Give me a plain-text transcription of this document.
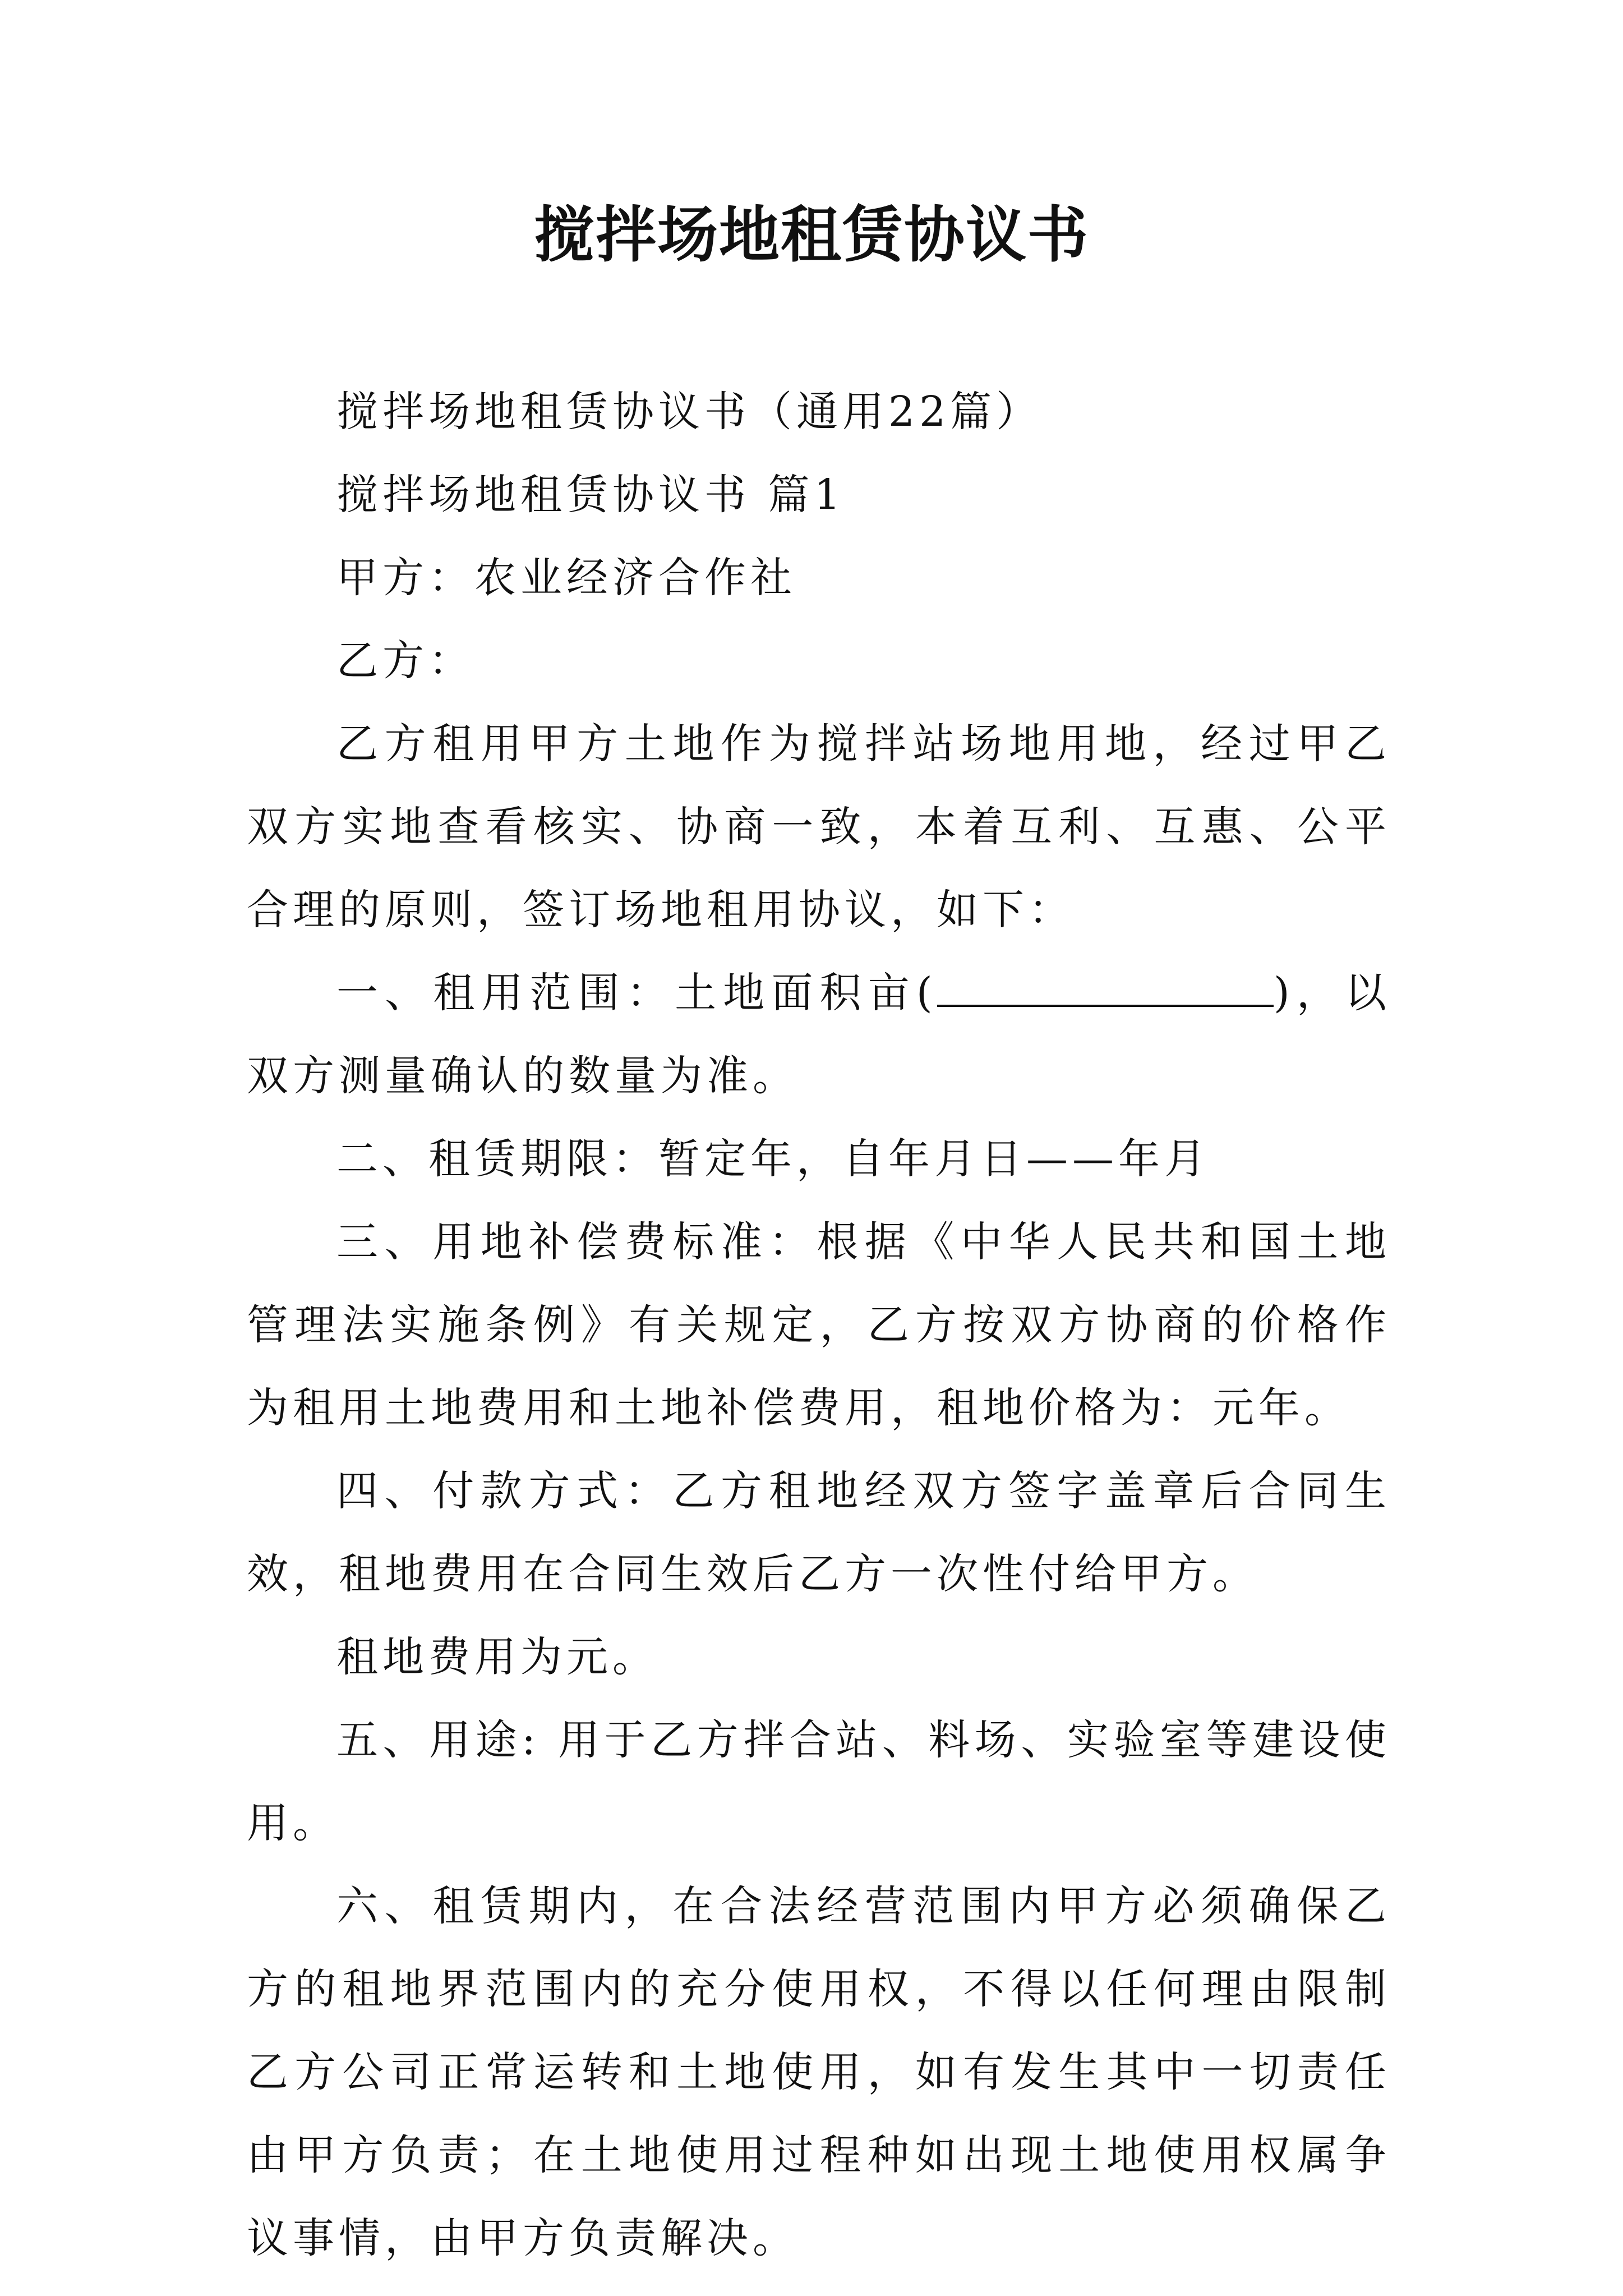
搅拌场地租赁协议书

搅拌场地租赁协议书（通用22篇）

搅拌场地租赁协议书 篇1

甲方：农业经济合作社

乙方：

乙方租用甲方土地作为搅拌站场地用地，经过甲乙双方实地查看核实、协商一致，本着互利、互惠、公平合理的原则，签订场地租用协议，如下：

一、租用范围：土地面积亩(	)，以双方测量确认的数量为准。

二、租赁期限：暂定年，自年月日——年月

三、用地补偿费标准：根据《中华人民共和国土地管理法实施条例》有关规定，乙方按双方协商的价格作为租用土地费用和土地补偿费用，租地价格为：元年。

四、付款方式：乙方租地经双方签字盖章后合同生效，租地费用在合同生效后乙方一次性付给甲方。

租地费用为元。

五、用途: 用于乙方拌合站、料场、实验室等建设使用。

六、租赁期内，在合法经营范围内甲方必须确保乙方的租地界范围内的充分使用权，不得以任何理由限制乙方公司正常运转和土地使用，如有发生其中一切责任由甲方负责；在土地使用过程种如出现土地使用权属争议事情，由甲方负责解决。
